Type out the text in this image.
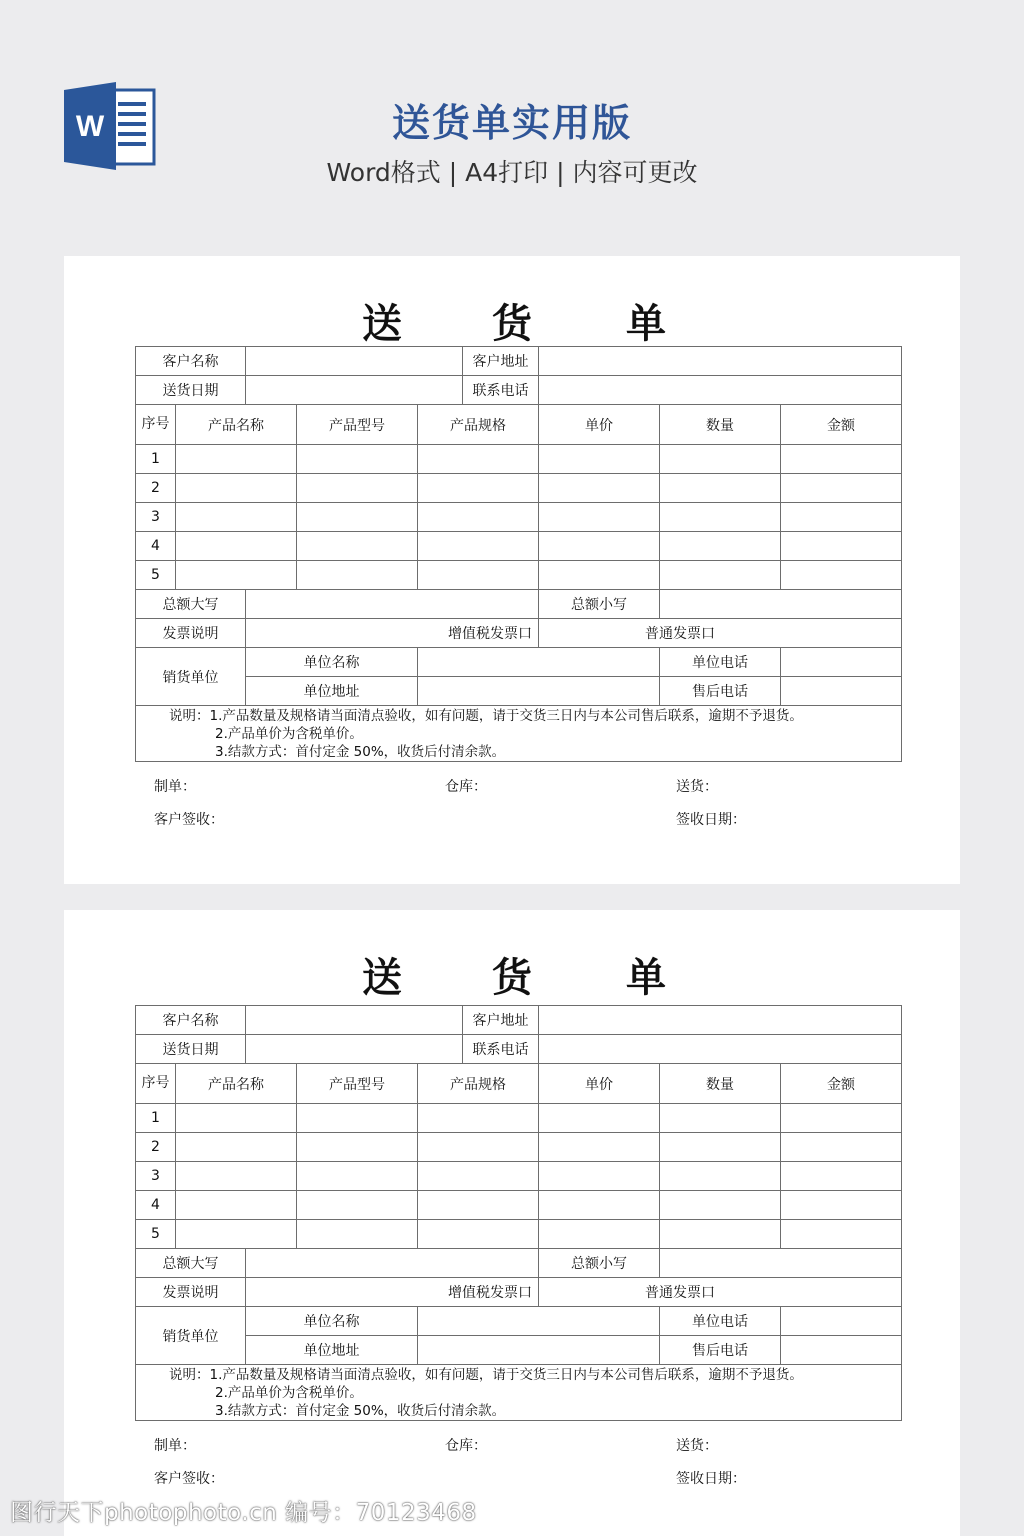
W	送货单实用版
Word格式 | A4打印 | 内容可更改
送 货 单
客户名称					客户地址			
送货日期					联系电话			
序号	产品名称		产品型号	产品规格		单价	数量	金额
1								
2								
3								
4								
5								
总额大写						总额小写		
发票说明		增值税发票口				普通发票口		
销货单位		单位名称					单位电话	
		单位地址					售后电话	

说明：1.产品数量及规格请当面清点验收，如有问题，请于交货三日内与本公司售后联系，逾期不予退货。
2.产品单价为含税单价。
3.结款方式：首付定金 50%，收货后付清余款。								
制单：	仓库：	送货：
客户签收：	签收日期：
送 货 单
客户名称					客户地址			
送货日期					联系电话			
序号	产品名称		产品型号	产品规格		单价	数量	金额
1								
2								
3								
4								
5								
总额大写						总额小写		
发票说明		增值税发票口				普通发票口		
销货单位		单位名称					单位电话	
		单位地址					售后电话	

说明：1.产品数量及规格请当面清点验收，如有问题，请于交货三日内与本公司售后联系，逾期不予退货。
2.产品单价为含税单价。
3.结款方式：首付定金 50%，收货后付清余款。								
制单：	仓库：	送货：
客户签收：	签收日期：
图行天下photophoto.cn 编号：70123468
